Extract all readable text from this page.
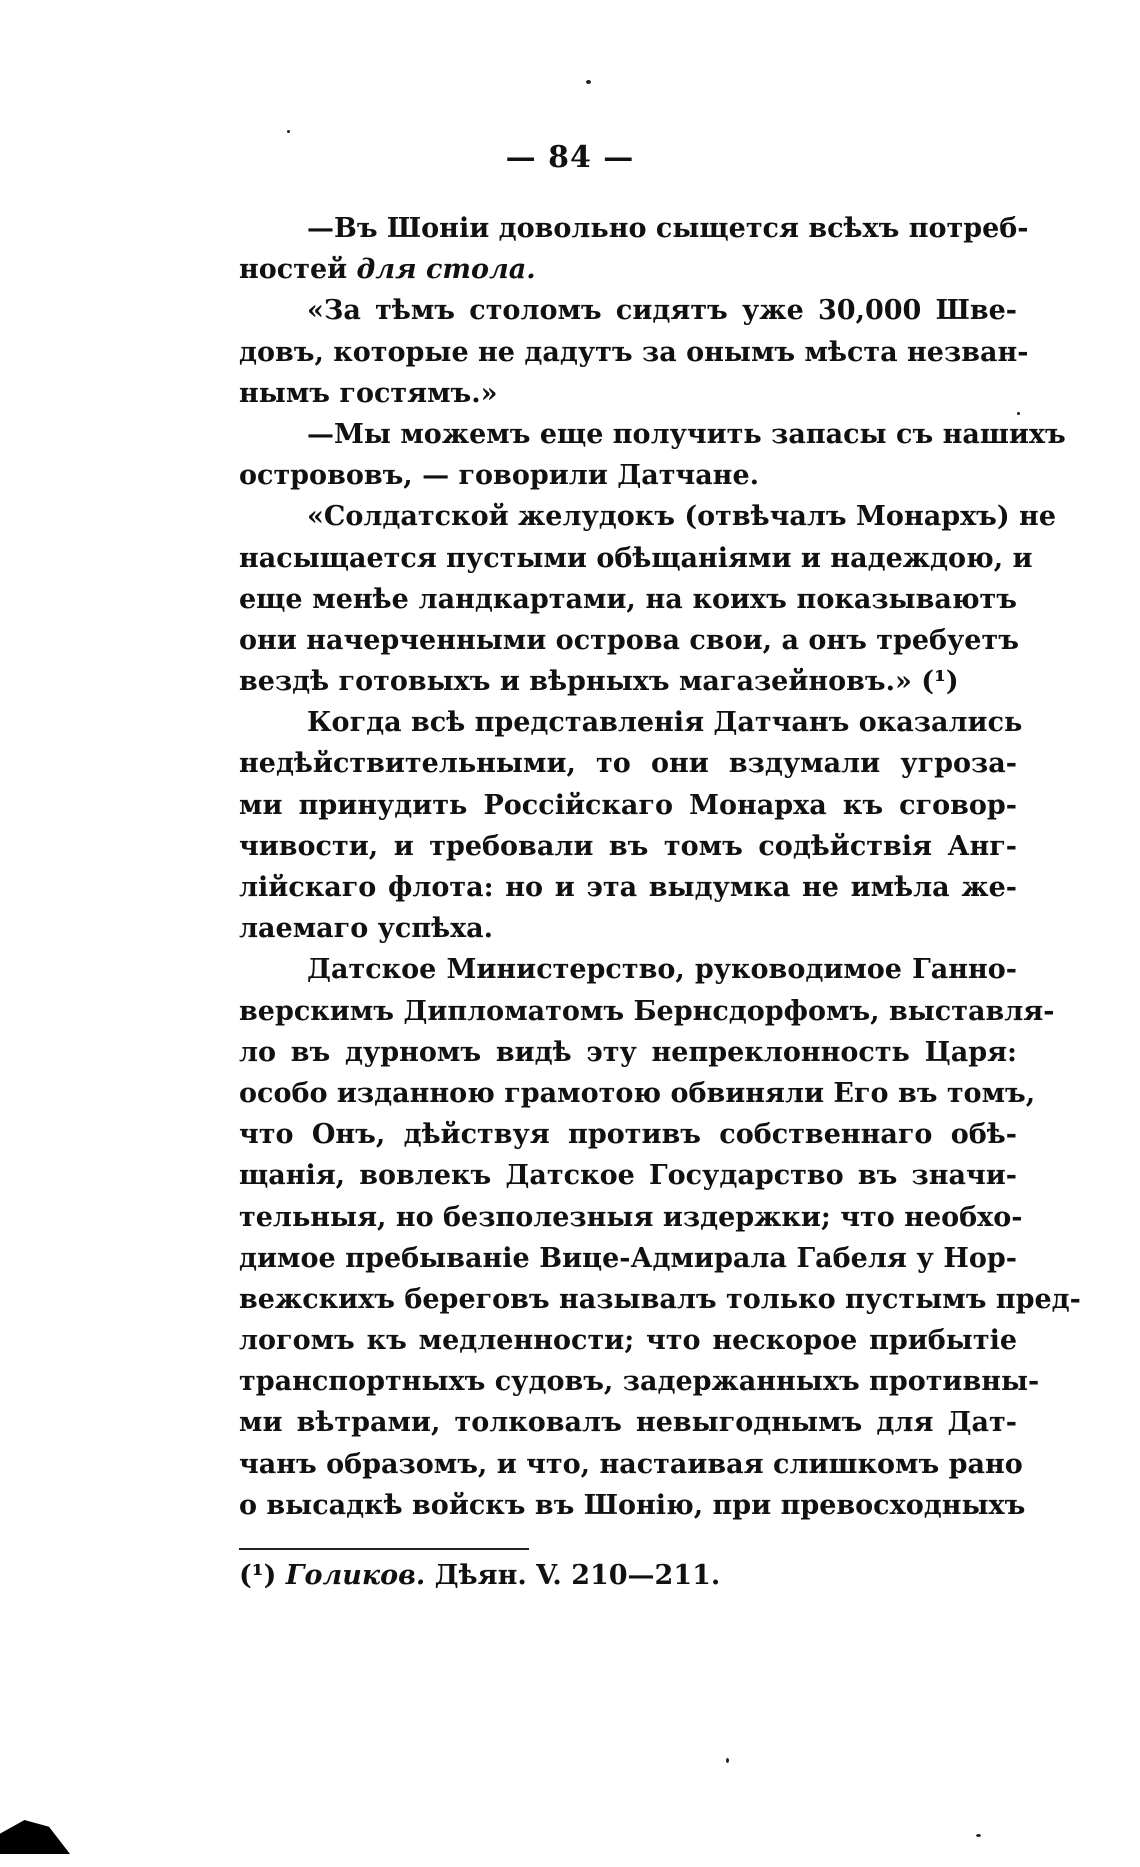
— 84 —
—Въ Шоніи довольно сыщется всѣхъ потреб-
ностей для стола.
«За тѣмъ столомъ сидятъ уже 30,000 Шве-
довъ, которые не дадутъ за онымъ мѣста незван-
нымъ гостямъ.»
—Мы можемъ еще получить запасы съ нашихъ
острововъ, — говорили Датчане.
«Солдатской желудокъ (отвѣчалъ Монархъ) не
насыщается пустыми обѣщаніями и надеждою, и
еще менѣе ландкартами, на коихъ показываютъ
они начерченными острова свои, а онъ требуетъ
вездѣ готовыхъ и вѣрныхъ магазейновъ.» (¹)
Когда всѣ представленія Датчанъ оказались
недѣйствительными, то они вздумали угроза-
ми принудить Россійскаго Монарха къ сговор-
чивости, и требовали въ томъ содѣйствія Анг-
лійскаго флота: но и эта выдумка не имѣла же-
лаемаго успѣха.
Датское Министерство, руководимое Ганно-
верскимъ Дипломатомъ Бернсдорфомъ, выставля-
ло въ дурномъ видѣ эту непреклонность Царя:
особо изданною грамотою обвиняли Его въ томъ,
что Онъ, дѣйствуя противъ собственнаго обѣ-
щанія, вовлекъ Датское Государство въ значи-
тельныя, но безполезныя издержки; что необхо-
димое пребываніе Вице-Адмирала Габеля у Нор-
вежскихъ береговъ называлъ только пустымъ пред-
логомъ къ медленности; что нескорое прибытіе
транспортныхъ судовъ, задержанныхъ противны-
ми вѣтрами, толковалъ невыгоднымъ для Дат-
чанъ образомъ, и что, настаивая слишкомъ рано
о высадкѣ войскъ въ Шонію, при превосходныхъ
(¹) Голиков. Дѣян. V. 210—211.
